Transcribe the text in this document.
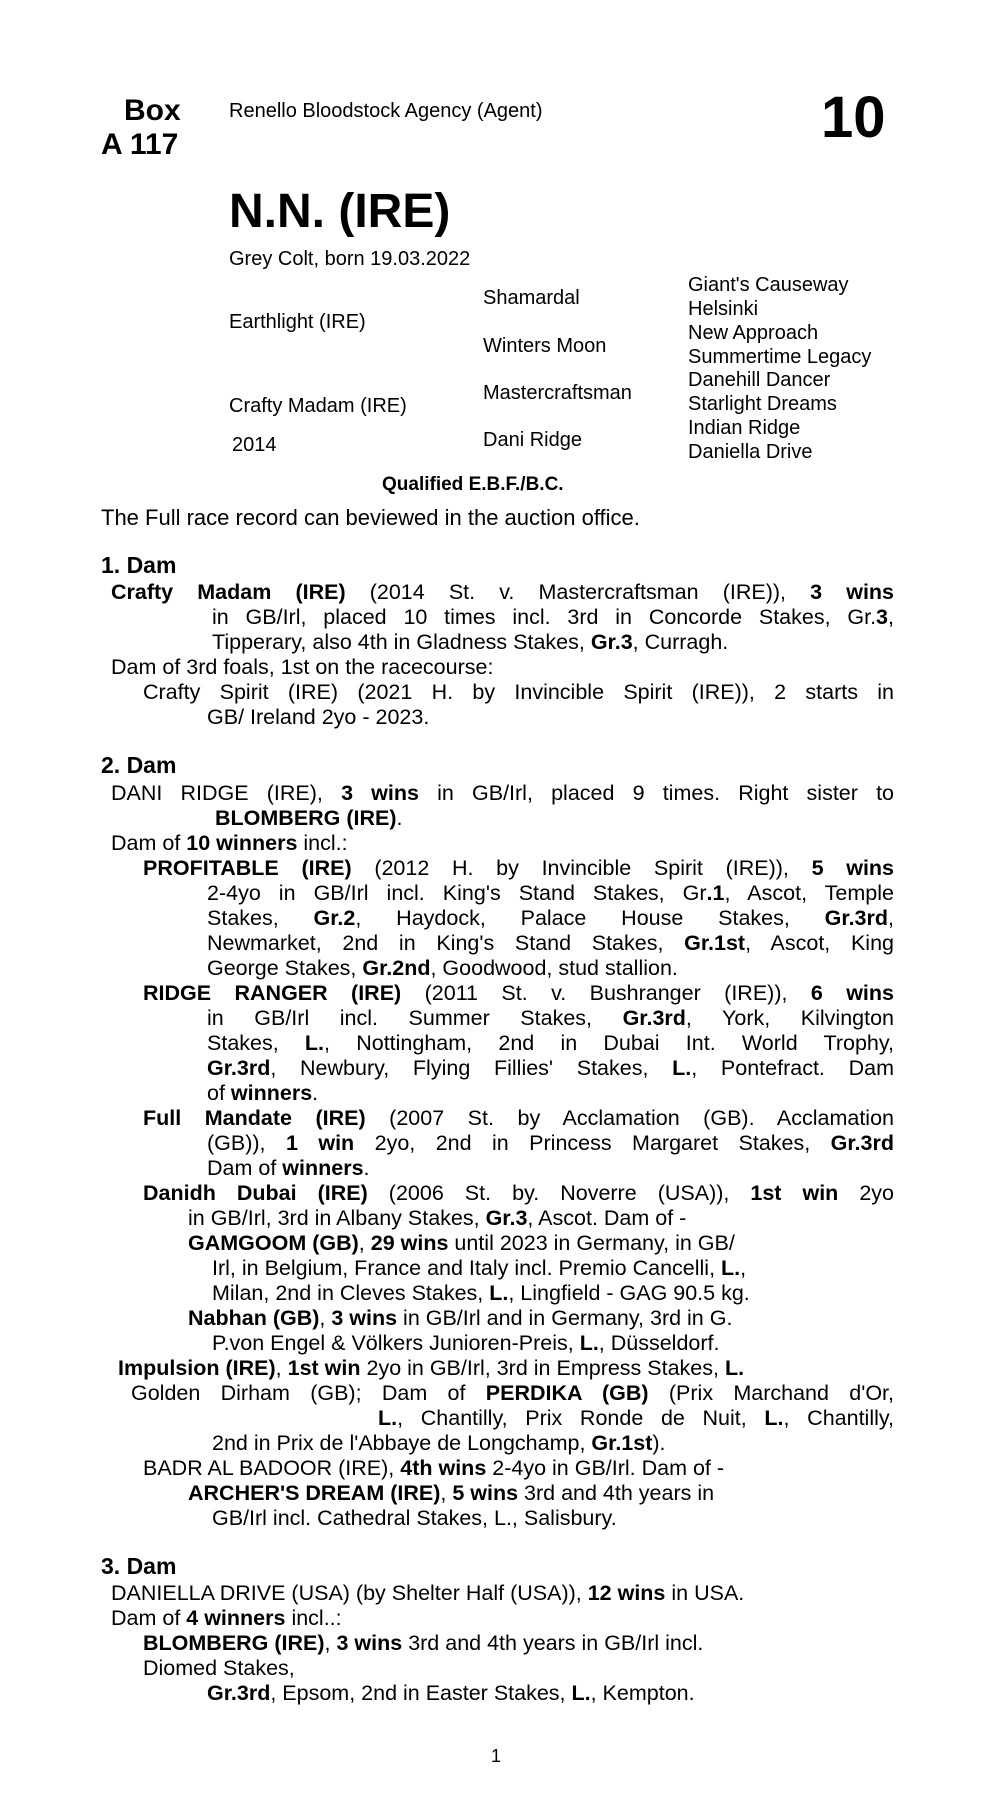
Box
A 117
Renello Bloodstock Agency (Agent)	10
N.N. (IRE)
Grey Colt, born 19.03.2022
Earthlight (IRE)
Crafty Madam (IRE)
2014
Shamardal
Winters Moon
Mastercraftsman
Dani Ridge
Giant's Causeway
Helsinki
New Approach
Summertime Legacy
Danehill Dancer
Starlight Dreams
Indian Ridge
Daniella Drive
Qualified E.B.F./B.C.
The Full race record can beviewed in the auction office.
1. Dam
Crafty Madam (IRE) (2014 St. v. Mastercraftsman (IRE)), 3 wins
in GB/Irl, placed 10 times incl. 3rd in Concorde Stakes, Gr.3,
Tipperary, also 4th in Gladness Stakes, Gr.3, Curragh.
Dam of 3rd foals, 1st on the racecourse:
Crafty Spirit (IRE) (2021 H. by Invincible Spirit (IRE)), 2 starts in
GB/ Ireland 2yo - 2023.
2. Dam
DANI RIDGE (IRE), 3 wins in GB/Irl, placed 9 times. Right sister to
BLOMBERG (IRE).
Dam of 10 winners incl.:
PROFITABLE (IRE) (2012 H. by Invincible Spirit (IRE)), 5 wins
2-4yo in GB/Irl incl. King's Stand Stakes, Gr.1, Ascot, Temple
Stakes, Gr.2, Haydock, Palace House Stakes, Gr.3rd,
Newmarket, 2nd in King's Stand Stakes, Gr.1st, Ascot, King
George Stakes, Gr.2nd, Goodwood, stud stallion.
RIDGE RANGER (IRE) (2011 St. v. Bushranger (IRE)), 6 wins
in GB/Irl incl. Summer Stakes, Gr.3rd, York, Kilvington
Stakes, L., Nottingham, 2nd in Dubai Int. World Trophy,
Gr.3rd, Newbury, Flying Fillies' Stakes, L., Pontefract. Dam
of winners.
Full Mandate (IRE) (2007 St. by Acclamation (GB). Acclamation
(GB)), 1 win 2yo, 2nd in Princess Margaret Stakes, Gr.3rd
Dam of winners.
Danidh Dubai (IRE) (2006 St. by. Noverre (USA)), 1st win 2yo
in GB/Irl, 3rd in Albany Stakes, Gr.3, Ascot. Dam of -
GAMGOOM (GB), 29 wins until 2023 in Germany, in GB/
Irl, in Belgium, France and Italy incl. Premio Cancelli, L.,
Milan, 2nd in Cleves Stakes, L., Lingfield - GAG 90.5 kg.
Nabhan (GB), 3 wins in GB/Irl and in Germany, 3rd in G.
P.von Engel & Völkers Junioren-Preis, L., Düsseldorf.
Impulsion (IRE), 1st win 2yo in GB/Irl, 3rd in Empress Stakes, L.
Golden Dirham (GB); Dam of PERDIKA (GB) (Prix Marchand d'Or,
L., Chantilly, Prix Ronde de Nuit, L., Chantilly,
2nd in Prix de l'Abbaye de Longchamp, Gr.1st).
BADR AL BADOOR (IRE), 4th wins 2-4yo in GB/Irl. Dam of -
ARCHER'S DREAM (IRE), 5 wins 3rd and 4th years in
GB/Irl incl. Cathedral Stakes, L., Salisbury.
3. Dam
DANIELLA DRIVE (USA) (by Shelter Half (USA)), 12 wins in USA.
Dam of 4 winners incl..:
BLOMBERG (IRE), 3 wins 3rd and 4th years in GB/Irl incl.
Diomed Stakes,
Gr.3rd, Epsom, 2nd in Easter Stakes, L., Kempton.
1
